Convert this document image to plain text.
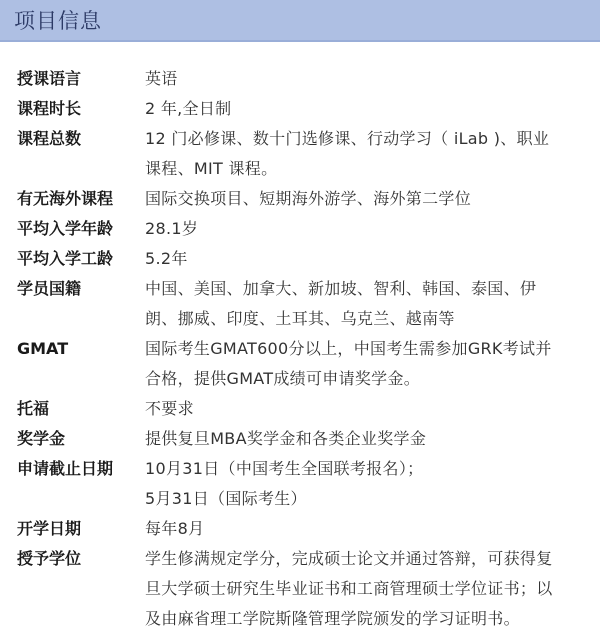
项目信息
授课语言	英语
课程时长	2 年,全日制
课程总数	12 门必修课、数十门选修课、行动学习（ iLab )、职业课程、MIT 课程。
有无海外课程	国际交换项目、短期海外游学、海外第二学位
平均入学年龄	28.1岁
平均入学工龄	5.2年
学员国籍	中国、美国、加拿大、新加坡、智利、韩国、泰国、伊朗、挪威、印度、土耳其、乌克兰、越南等
GMAT	国际考生GMAT600分以上，中国考生需参加GRK考试并合格，提供GMAT成绩可申请奖学金。
托福	不要求
奖学金	提供复旦MBA奖学金和各类企业奖学金
申请截止日期	10月31日（中国考生全国联考报名）；
5月31日（国际考生）
开学日期	每年8月
授予学位	学生修满规定学分，完成硕士论文并通过答辩，可获得复旦大学硕士研究生毕业证书和工商管理硕士学位证书；以及由麻省理工学院斯隆管理学院颁发的学习证明书。
